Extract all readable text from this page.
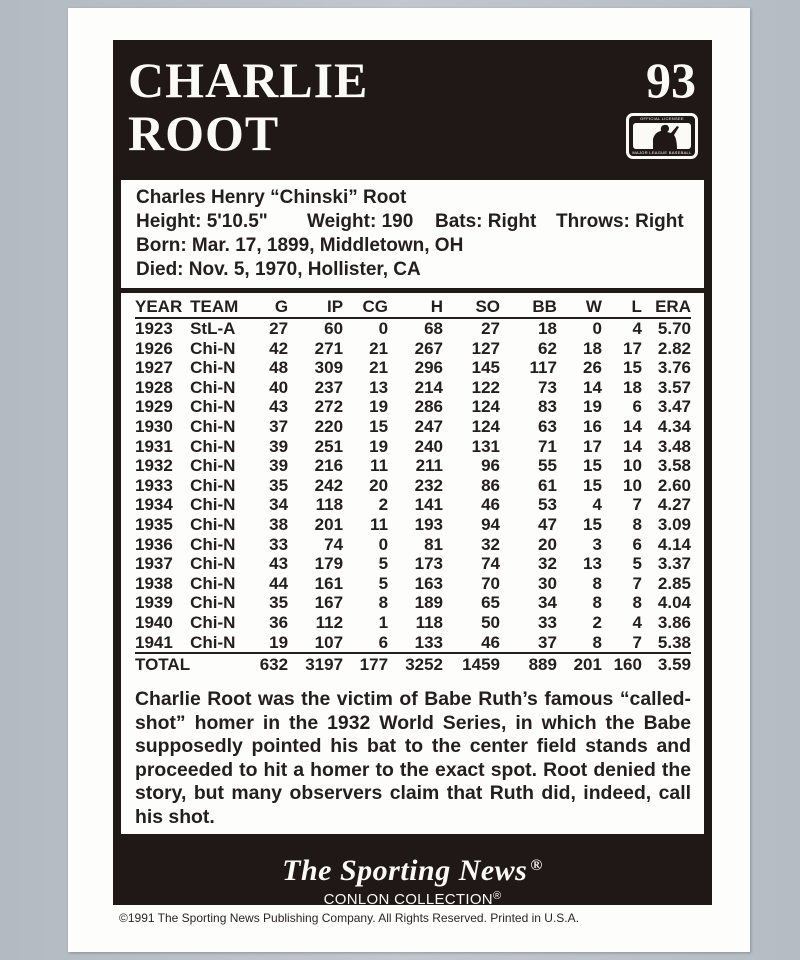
CHARLIE
ROOT
93
OFFICIAL LICENSEE
MAJOR LEAGUE BASEBALL
Charles Henry “Chinski” Root
Height: 5'10.5" Weight: 190 Bats: Right Throws: Right
Born: Mar. 17, 1899, Middletown, OH
Died: Nov. 5, 1970, Hollister, CA
YEAR	TEAM	G	IP	CG	H	SO	BB	W	L	ERA
1923	StL-A	27	60	0	68	27	18	0	4	5.70
1926	Chi-N	42	271	21	267	127	62	18	17	2.82
1927	Chi-N	48	309	21	296	145	117	26	15	3.76
1928	Chi-N	40	237	13	214	122	73	14	18	3.57
1929	Chi-N	43	272	19	286	124	83	19	6	3.47
1930	Chi-N	37	220	15	247	124	63	16	14	4.34
1931	Chi-N	39	251	19	240	131	71	17	14	3.48
1932	Chi-N	39	216	11	211	96	55	15	10	3.58
1933	Chi-N	35	242	20	232	86	61	15	10	2.60
1934	Chi-N	34	118	2	141	46	53	4	7	4.27
1935	Chi-N	38	201	11	193	94	47	15	8	3.09
1936	Chi-N	33	74	0	81	32	20	3	6	4.14
1937	Chi-N	43	179	5	173	74	32	13	5	3.37
1938	Chi-N	44	161	5	163	70	30	8	7	2.85
1939	Chi-N	35	167	8	189	65	34	8	8	4.04
1940	Chi-N	36	112	1	118	50	33	2	4	3.86
1941	Chi-N	19	107	6	133	46	37	8	7	5.38
TOTAL		632	3197	177	3252	1459	889	201	160	3.59
Charlie Root was the victim of Babe Ruth’s famous “called-shot” homer in the 1932 World Series, in which the Babe supposedly pointed his bat to the center field stands and proceeded to hit a homer to the exact spot. Root denied the story, but many observers claim that Ruth did, indeed, call his shot.
The Sporting News ®
CONLON COLLECTION®
©1991 The Sporting News Publishing Company. All Rights Reserved. Printed in U.S.A.
